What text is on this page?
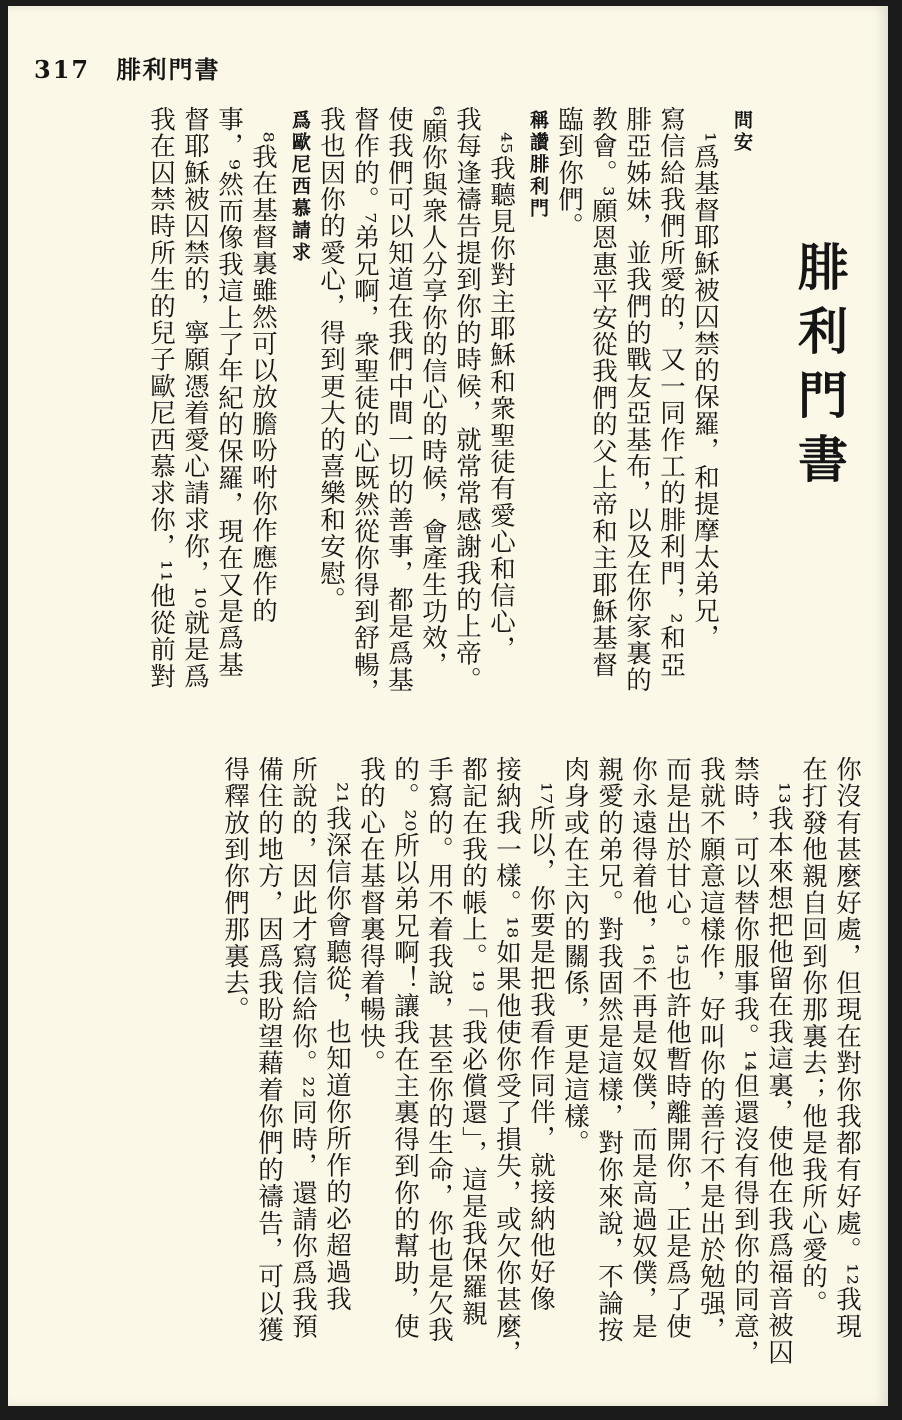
317 腓利門書
腓利門書
問安
¹爲基督耶穌被囚禁的保羅，和提摩太弟兄，
寫信給我們所愛的，又一同作工的腓利門，²和亞
腓亞姊妹，並我們的戰友亞基布，以及在你家裏的
教會。³願恩惠平安從我們的父上帝和主耶穌基督
臨到你們。
稱讚腓利門
⁴⁵我聽見你對主耶穌和衆聖徒有愛心和信心，
我每逢禱告提到你的時候，就常常感謝我的上帝。
⁶願你與衆人分享你的信心的時候，會產生功效，
使我們可以知道在我們中間一切的善事，都是爲基
督作的。⁷弟兄啊，衆聖徒的心既然從你得到舒暢，
我也因你的愛心，得到更大的喜樂和安慰。
爲歐尼西慕請求
⁸我在基督裏雖然可以放膽吩咐你作應作的
事，⁹然而像我這上了年紀的保羅，現在又是爲基
督耶穌被囚禁的，寧願憑着愛心請求你，¹⁰就是爲
我在囚禁時所生的兒子歐尼西慕求你，¹¹他從前對
你沒有甚麼好處，但現在對你我都有好處。¹²我現
在打發他親自回到你那裏去；他是我所心愛的。
¹³我本來想把他留在我這裏，使他在我爲福音被囚
禁時，可以替你服事我。¹⁴但還沒有得到你的同意，
我就不願意這樣作，好叫你的善行不是出於勉强，
而是出於甘心。¹⁵也許他暫時離開你，正是爲了使
你永遠得着他，¹⁶不再是奴僕，而是高過奴僕，是
親愛的弟兄。對我固然是這樣，對你來說，不論按
肉身或在主內的關係，更是這樣。
¹⁷所以，你要是把我看作同伴，就接納他好像
接納我一樣。¹⁸如果他使你受了損失，或欠你甚麼，
都記在我的帳上。¹⁹「我必償還」，這是我保羅親
手寫的。用不着我說，甚至你的生命，你也是欠我
的。²⁰所以弟兄啊！讓我在主裏得到你的幫助，使
我的心在基督裏得着暢快。
²¹我深信你會聽從，也知道你所作的必超過我
所說的，因此才寫信給你。²²同時，還請你爲我預
備住的地方，因爲我盼望藉着你們的禱告，可以獲
得釋放到你們那裏去。
